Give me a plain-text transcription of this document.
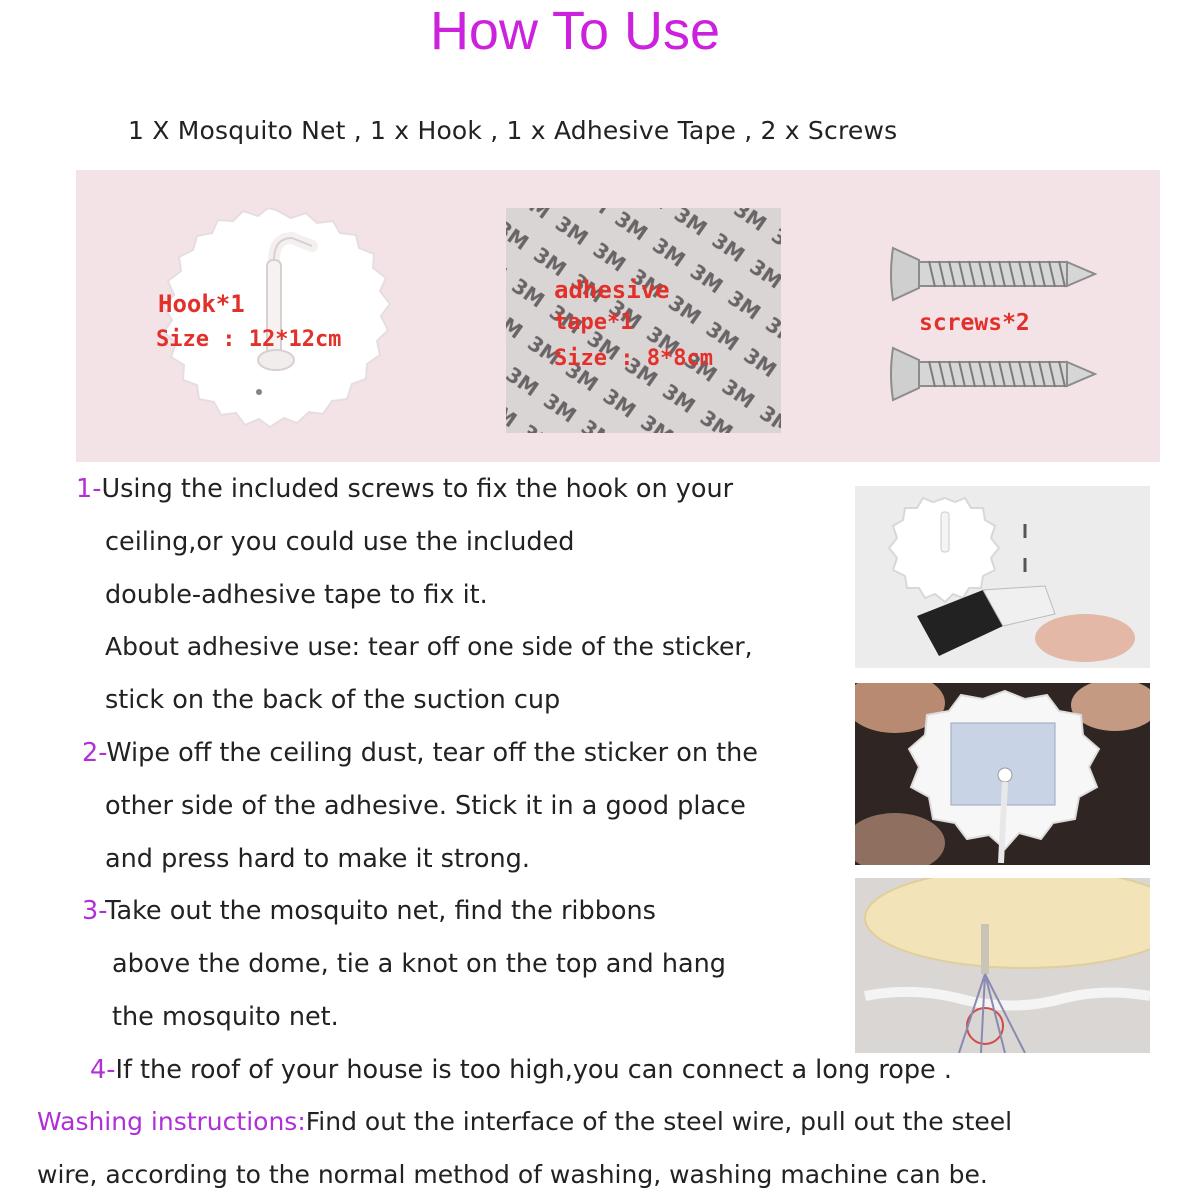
How To Use
1 X Mosquito Net , 1 x Hook , 1 x Adhesive Tape , 2 x Screws
Hook*1
Size : 12*12cm
adhesive
tape*1
Size : 8*8cm
screws*2
1-Using the included screws to fix the hook on your
ceiling,or you could use the included
double-adhesive tape to fix it.
About adhesive use: tear off one side of the sticker,
stick on the back of the suction cup
2-Wipe off the ceiling dust, tear off the sticker on the
other side of the adhesive. Stick it in a good place
and press hard to make it strong.
3-Take out the mosquito net, find the ribbons
above the dome, tie a knot on the top and hang
the mosquito net.
4-If the roof of your house is too high,you can connect a long rope .
Washing instructions:Find out the interface of the steel wire, pull out the steel
wire, according to the normal method of washing, washing machine can be.
